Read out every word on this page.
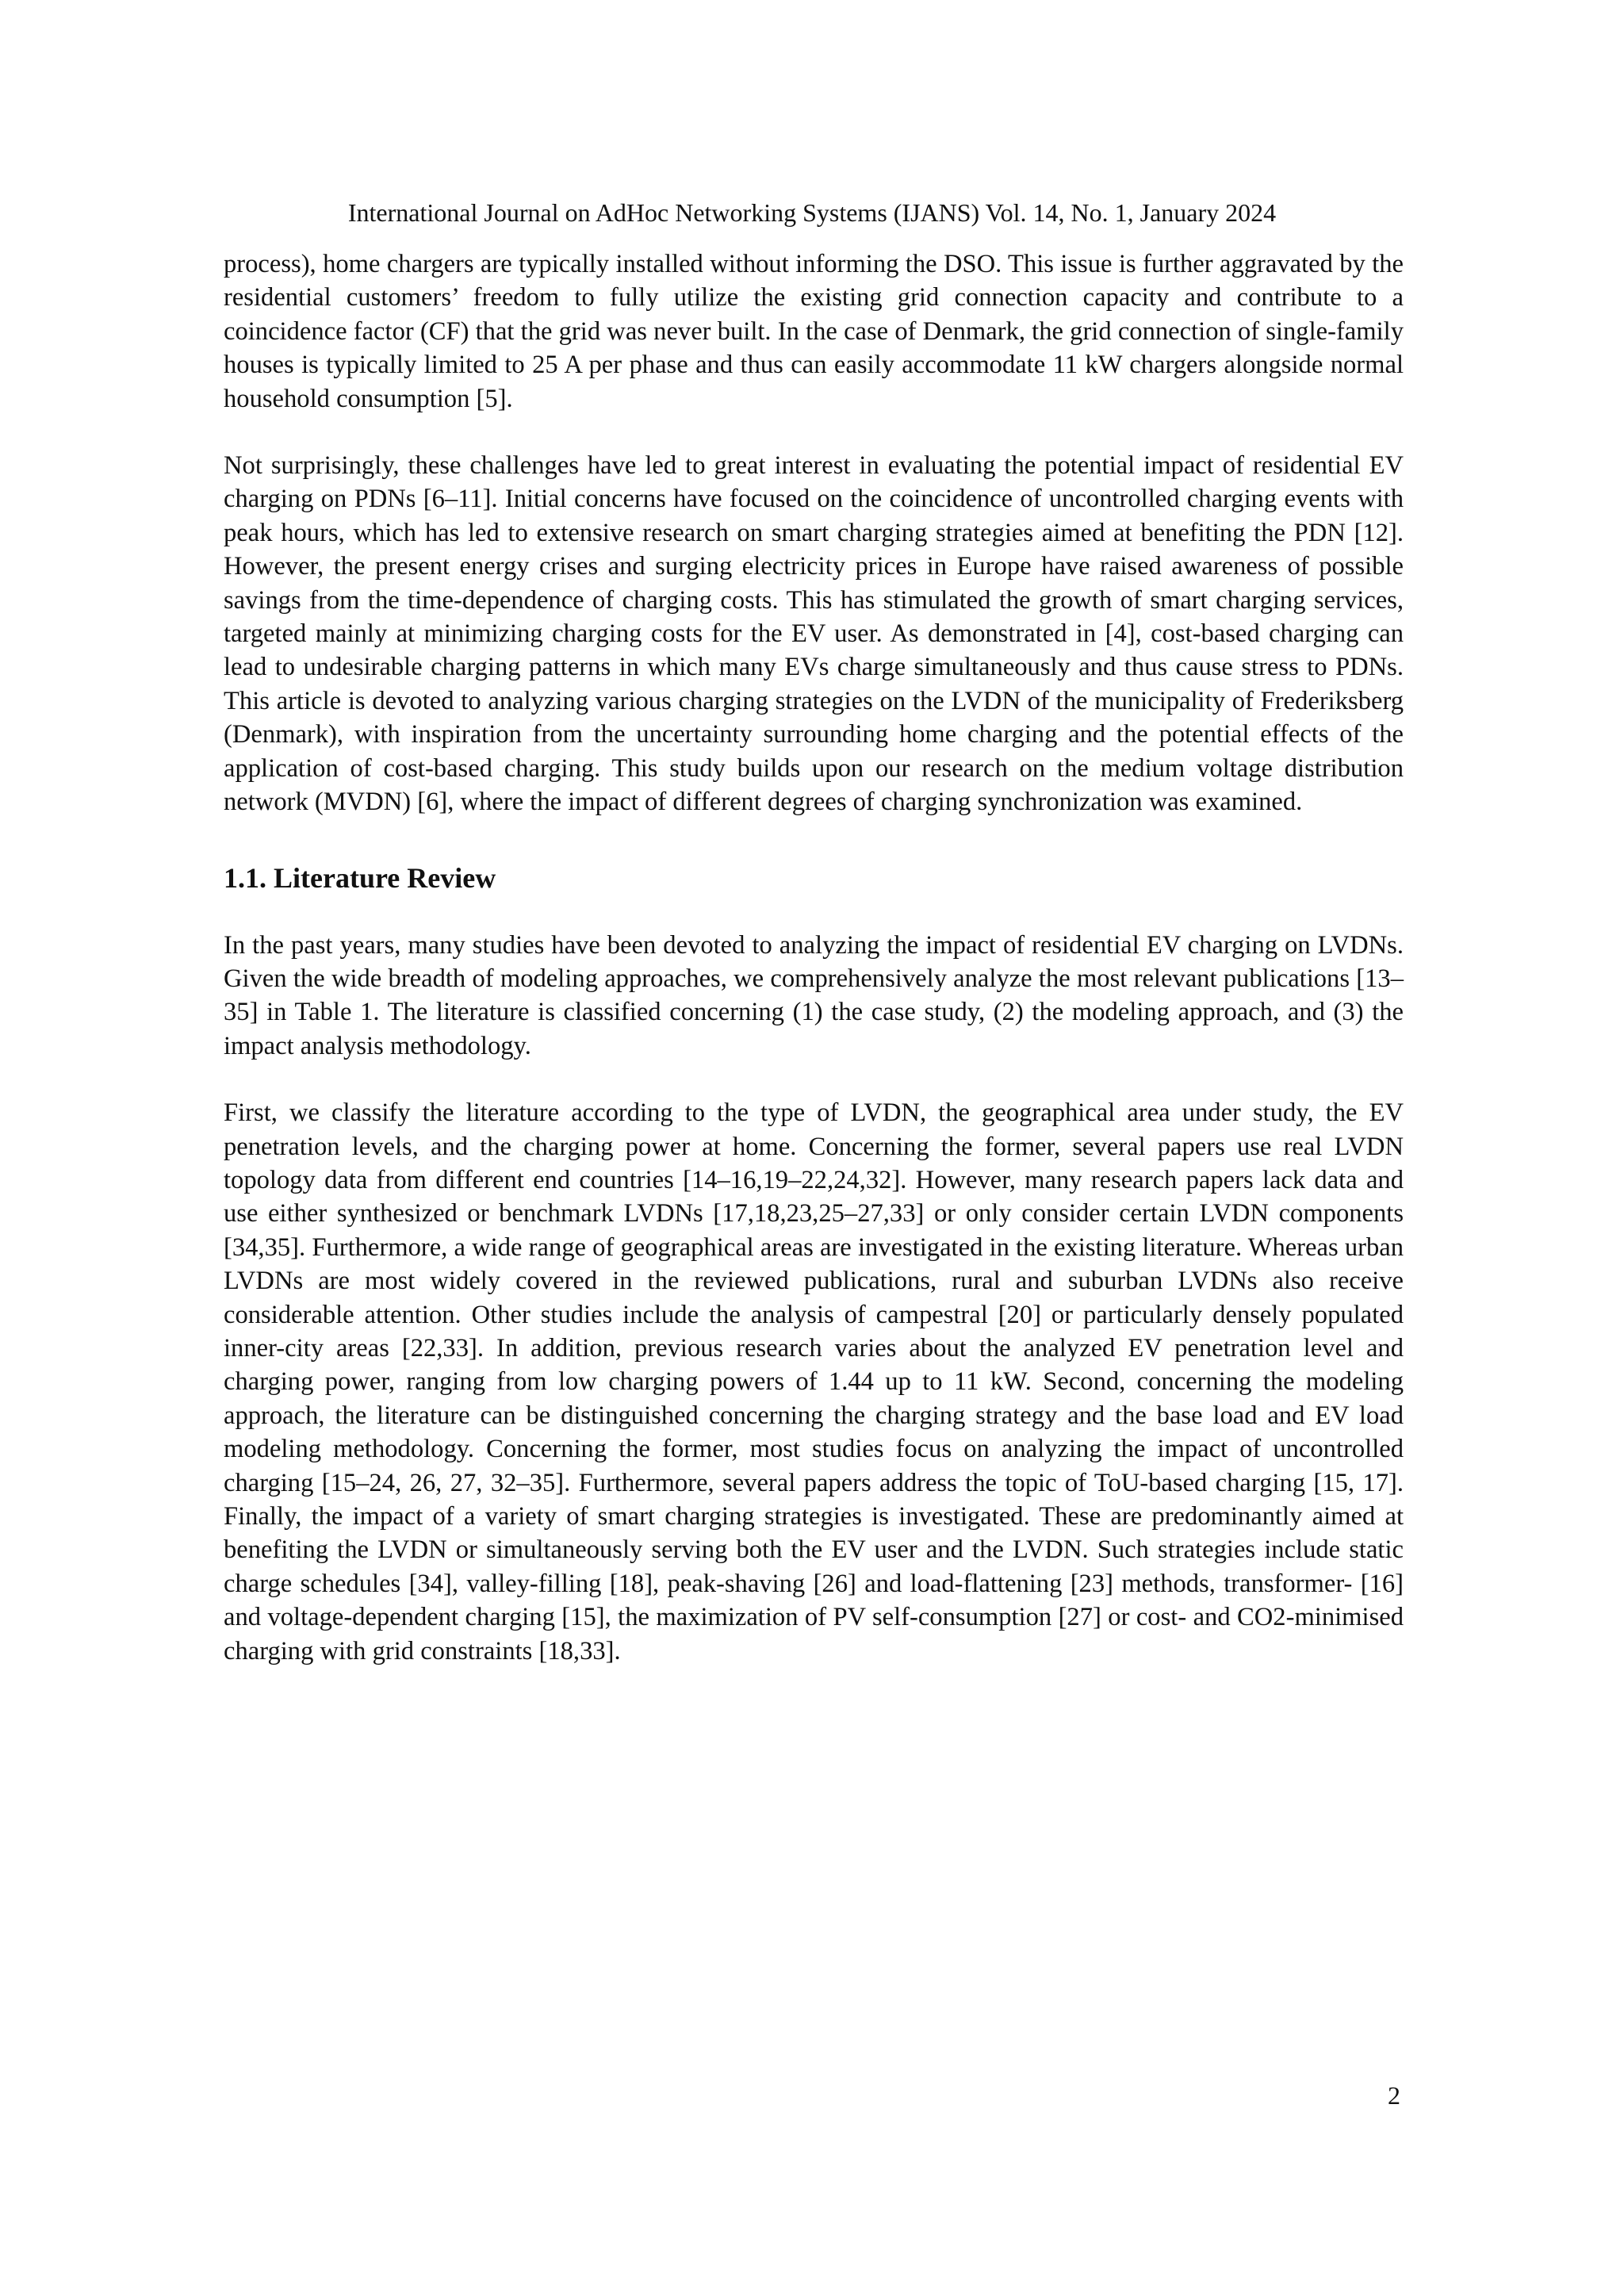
International Journal on AdHoc Networking Systems (IJANS) Vol. 14, No. 1, January 2024

process), home chargers are typically installed without informing the DSO. This issue is further aggravated by the residential customers’ freedom to fully utilize the existing grid connection capacity and contribute to a coincidence factor (CF) that the grid was never built. In the case of Denmark, the grid connection of single-family houses is typically limited to 25 A per phase and thus can easily accommodate 11 kW chargers alongside normal household consumption [5].

Not surprisingly, these challenges have led to great interest in evaluating the potential impact of residential EV charging on PDNs [6–11]. Initial concerns have focused on the coincidence of uncontrolled charging events with peak hours, which has led to extensive research on smart charging strategies aimed at benefiting the PDN [12]. However, the present energy crises and surging electricity prices in Europe have raised awareness of possible savings from the time-dependence of charging costs. This has stimulated the growth of smart charging services, targeted mainly at minimizing charging costs for the EV user. As demonstrated in [4], cost-based charging can lead to undesirable charging patterns in which many EVs charge simultaneously and thus cause stress to PDNs. This article is devoted to analyzing various charging strategies on the LVDN of the municipality of Frederiksberg (Denmark), with inspiration from the uncertainty surrounding home charging and the potential effects of the application of cost-based charging. This study builds upon our research on the medium voltage distribution network (MVDN) [6], where the impact of different degrees of charging synchronization was examined.

1.1. Literature Review

In the past years, many studies have been devoted to analyzing the impact of residential EV charging on LVDNs. Given the wide breadth of modeling approaches, we comprehensively analyze the most relevant publications [13–35] in Table 1. The literature is classified concerning (1) the case study, (2) the modeling approach, and (3) the impact analysis methodology.

First, we classify the literature according to the type of LVDN, the geographical area under study, the EV penetration levels, and the charging power at home. Concerning the former, several papers use real LVDN topology data from different end countries [14–16,19–22,24,32]. However, many research papers lack data and use either synthesized or benchmark LVDNs [17,18,23,25–27,33] or only consider certain LVDN components [34,35]. Furthermore, a wide range of geographical areas are investigated in the existing literature. Whereas urban LVDNs are most widely covered in the reviewed publications, rural and suburban LVDNs also receive considerable attention. Other studies include the analysis of campestral [20] or particularly densely populated inner-city areas [22,33]. In addition, previous research varies about the analyzed EV penetration level and charging power, ranging from low charging powers of 1.44 up to 11 kW. Second, concerning the modeling approach, the literature can be distinguished concerning the charging strategy and the base load and EV load modeling methodology. Concerning the former, most studies focus on analyzing the impact of uncontrolled charging [15–24, 26, 27, 32–35]. Furthermore, several papers address the topic of ToU-based charging [15, 17]. Finally, the impact of a variety of smart charging strategies is investigated. These are predominantly aimed at benefiting the LVDN or simultaneously serving both the EV user and the LVDN. Such strategies include static charge schedules [34], valley-filling [18], peak-shaving [26] and load-flattening [23] methods, transformer- [16] and voltage-dependent charging [15], the maximization of PV self-consumption [27] or cost- and CO2-minimised charging with grid constraints [18,33].

2
